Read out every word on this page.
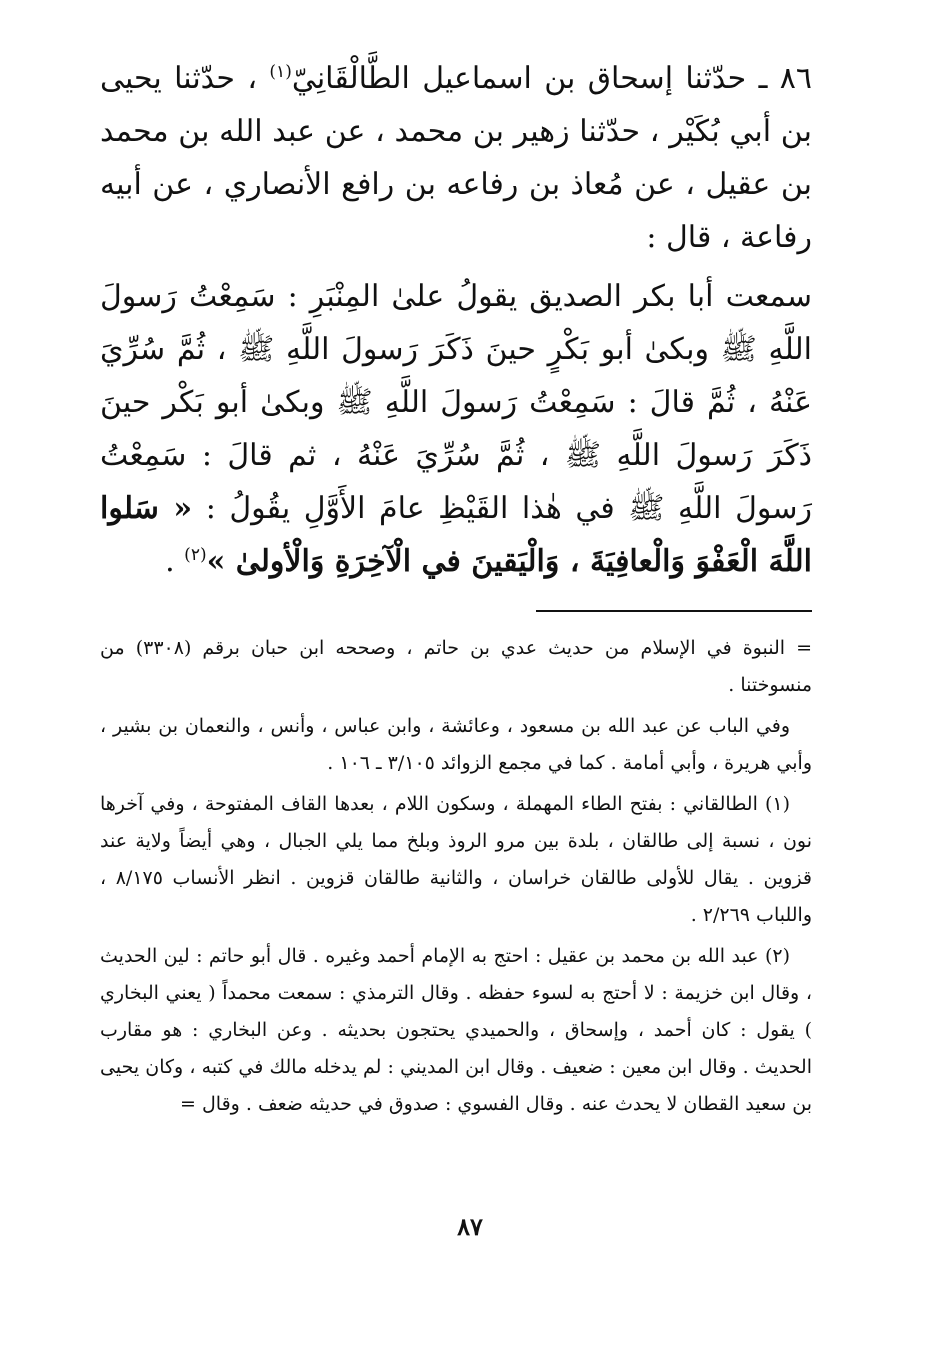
٨٦ ـ حدّثنا إسحاق بن اسماعيل الطَّالْقَانِيّ$^{(١)}$ ، حدّثنا يحيى بن أبي بُكَيْر ، حدّثنا زهير بن محمد ، عن عبد الله بن محمد بن عقيل ، عن مُعاذ بن رفاعه بن رافع الأنصاري ، عن أبيه رفاعة ، قال :

سمعت أبا بكر الصديق يقولُ علىٰ المِنْبَرِ : سَمِعْتُ رَسولَ اللَّهِ ﷺ وبكىٰ أبو بَكْرٍ حينَ ذَكَرَ رَسولَ اللَّهِ ﷺ ، ثُمَّ سُرِّيَ عَنْهُ ، ثُمَّ قالَ : سَمِعْتُ رَسولَ اللَّهِ ﷺ وبكىٰ أبو بَكْر حينَ ذَكَرَ رَسولَ اللَّهِ ﷺ ، ثُمَّ سُرِّيَ عَنْهُ ، ثم قالَ : سَمِعْتُ رَسولَ اللَّهِ ﷺ في هٰذا القَيْظِ عامَ الأَوَّلِ يقُولُ : « سَلوا اللَّهَ الْعَفْوَ وَالْعافِيَةَ ، وَالْيَقينَ في الْآخِرَةِ وَالْأولىٰ »$^{(٢)}$ .

= النبوة في الإسلام من حديث عدي بن حاتم ، وصححه ابن حبان برقم (٣٣٠٨) من منسوختنا .

وفي الباب عن عبد الله بن مسعود ، وعائشة ، وابن عباس ، وأنس ، والنعمان بن بشير ، وأبي هريرة ، وأبي أمامة . كما في مجمع الزوائد ٣/١٠٥ ـ ١٠٦ .

(١) الطالقاني : بفتح الطاء المهملة ، وسكون اللام ، بعدها القاف المفتوحة ، وفي آخرها نون ، نسبة إلى طالقان ، بلدة بين مرو الروذ وبلخ مما يلي الجبال ، وهي أيضاً ولاية عند قزوين . يقال للأولى طالقان خراسان ، والثانية طالقان قزوين . انظر الأنساب ٨/١٧٥ ، واللباب ٢/٢٦٩ .

(٢) عبد الله بن محمد بن عقيل : احتج به الإمام أحمد وغيره . قال أبو حاتم : لين الحديث ، وقال ابن خزيمة : لا أحتج به لسوء حفظه . وقال الترمذي : سمعت محمداً ( يعني البخاري ) يقول : كان أحمد ، وإسحاق ، والحميدي يحتجون بحديثه . وعن البخاري : هو مقارب الحديث . وقال ابن معين : ضعيف . وقال ابن المديني : لم يدخله مالك في كتبه ، وكان يحيى بن سعيد القطان لا يحدث عنه . وقال الفسوي : صدوق في حديثه ضعف . وقال =

٨٧
